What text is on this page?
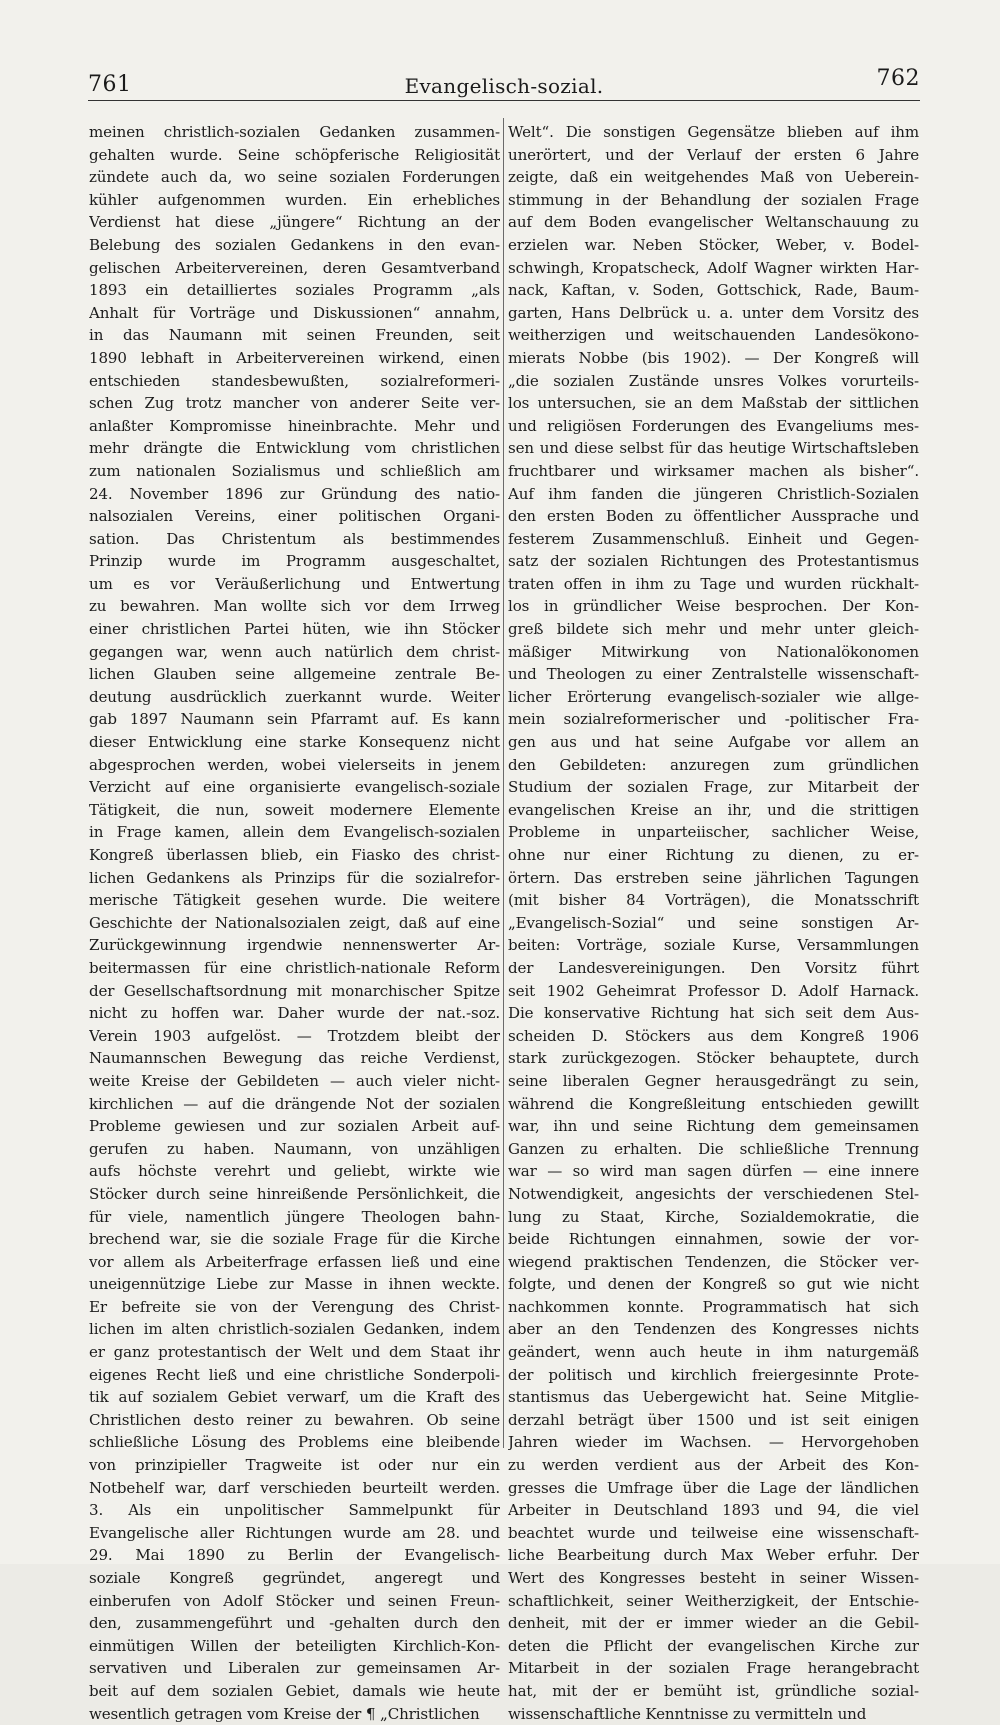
761	Evangelisch-sozial.	762
meinen christlich-sozialen Gedanken zusammen-
gehalten wurde. Seine schöpferische Religiosität
zündete auch da, wo seine sozialen Forderungen
kühler aufgenommen wurden. Ein erhebliches
Verdienst hat diese „jüngere“ Richtung an der
Belebung des sozialen Gedankens in den evan-
gelischen Arbeitervereinen, deren Gesamtverband
1893 ein detailliertes soziales Programm „als
Anhalt für Vorträge und Diskussionen“ annahm,
in das Naumann mit seinen Freunden, seit
1890 lebhaft in Arbeitervereinen wirkend, einen
entschieden standesbewußten, sozialreformeri-
schen Zug trotz mancher von anderer Seite ver-
anlaßter Kompromisse hineinbrachte. Mehr und
mehr drängte die Entwicklung vom christlichen
zum nationalen Sozialismus und schließlich am
24. November 1896 zur Gründung des natio-
nalsozialen Vereins, einer politischen Organi-
sation. Das Christentum als bestimmendes
Prinzip wurde im Programm ausgeschaltet,
um es vor Veräußerlichung und Entwertung
zu bewahren. Man wollte sich vor dem Irrweg
einer christlichen Partei hüten, wie ihn Stöcker
gegangen war, wenn auch natürlich dem christ-
lichen Glauben seine allgemeine zentrale Be-
deutung ausdrücklich zuerkannt wurde. Weiter
gab 1897 Naumann sein Pfarramt auf. Es kann
dieser Entwicklung eine starke Konsequenz nicht
abgesprochen werden, wobei vielerseits in jenem
Verzicht auf eine organisierte evangelisch-soziale
Tätigkeit, die nun, soweit modernere Elemente
in Frage kamen, allein dem Evangelisch-sozialen
Kongreß überlassen blieb, ein Fiasko des christ-
lichen Gedankens als Prinzips für die sozialrefor-
merische Tätigkeit gesehen wurde. Die weitere
Geschichte der Nationalsozialen zeigt, daß auf eine
Zurückgewinnung irgendwie nennenswerter Ar-
beitermassen für eine christlich-nationale Reform
der Gesellschaftsordnung mit monarchischer Spitze
nicht zu hoffen war. Daher wurde der nat.-soz.
Verein 1903 aufgelöst. — Trotzdem bleibt der
Naumannschen Bewegung das reiche Verdienst,
weite Kreise der Gebildeten — auch vieler nicht-
kirchlichen — auf die drängende Not der sozialen
Probleme gewiesen und zur sozialen Arbeit auf-
gerufen zu haben. Naumann, von unzähligen
aufs höchste verehrt und geliebt, wirkte wie
Stöcker durch seine hinreißende Persönlichkeit, die
für viele, namentlich jüngere Theologen bahn-
brechend war, sie die soziale Frage für die Kirche
vor allem als Arbeiterfrage erfassen ließ und eine
uneigennützige Liebe zur Masse in ihnen weckte.
Er befreite sie von der Verengung des Christ-
lichen im alten christlich-sozialen Gedanken, indem
er ganz protestantisch der Welt und dem Staat ihr
eigenes Recht ließ und eine christliche Sonderpoli-
tik auf sozialem Gebiet verwarf, um die Kraft des
Christlichen desto reiner zu bewahren. Ob seine
schließliche Lösung des Problems eine bleibende
von prinzipieller Tragweite ist oder nur ein
Notbehelf war, darf verschieden beurteilt werden.
3. Als ein unpolitischer Sammelpunkt für
Evangelische aller Richtungen wurde am 28. und
29. Mai 1890 zu Berlin der Evangelisch-
soziale Kongreß gegründet, angeregt und
einberufen von Adolf Stöcker und seinen Freun-
den, zusammengeführt und -gehalten durch den
einmütigen Willen der beteiligten Kirchlich-Kon-
servativen und Liberalen zur gemeinsamen Ar-
beit auf dem sozialen Gebiet, damals wie heute
wesentlich getragen vom Kreise der ¶ „Christlichen
Welt“. Die sonstigen Gegensätze blieben auf ihm
unerörtert, und der Verlauf der ersten 6 Jahre
zeigte, daß ein weitgehendes Maß von Ueberein-
stimmung in der Behandlung der sozialen Frage
auf dem Boden evangelischer Weltanschauung zu
erzielen war. Neben Stöcker, Weber, v. Bodel-
schwingh, Kropatscheck, Adolf Wagner wirkten Har-
nack, Kaftan, v. Soden, Gottschick, Rade, Baum-
garten, Hans Delbrück u. a. unter dem Vorsitz des
weitherzigen und weitschauenden Landesökono-
mierats Nobbe (bis 1902). — Der Kongreß will
„die sozialen Zustände unsres Volkes vorurteils-
los untersuchen, sie an dem Maßstab der sittlichen
und religiösen Forderungen des Evangeliums mes-
sen und diese selbst für das heutige Wirtschaftsleben
fruchtbarer und wirksamer machen als bisher“.
Auf ihm fanden die jüngeren Christlich-Sozialen
den ersten Boden zu öffentlicher Aussprache und
festerem Zusammenschluß. Einheit und Gegen-
satz der sozialen Richtungen des Protestantismus
traten offen in ihm zu Tage und wurden rückhalt-
los in gründlicher Weise besprochen. Der Kon-
greß bildete sich mehr und mehr unter gleich-
mäßiger Mitwirkung von Nationalökonomen
und Theologen zu einer Zentralstelle wissenschaft-
licher Erörterung evangelisch-sozialer wie allge-
mein sozialreformerischer und -politischer Fra-
gen aus und hat seine Aufgabe vor allem an
den Gebildeten: anzuregen zum gründlichen
Studium der sozialen Frage, zur Mitarbeit der
evangelischen Kreise an ihr, und die strittigen
Probleme in unparteiischer, sachlicher Weise,
ohne nur einer Richtung zu dienen, zu er-
örtern. Das erstreben seine jährlichen Tagungen
(mit bisher 84 Vorträgen), die Monatsschrift
„Evangelisch-Sozial“ und seine sonstigen Ar-
beiten: Vorträge, soziale Kurse, Versammlungen
der Landesvereinigungen. Den Vorsitz führt
seit 1902 Geheimrat Professor D. Adolf Harnack.
Die konservative Richtung hat sich seit dem Aus-
scheiden D. Stöckers aus dem Kongreß 1906
stark zurückgezogen. Stöcker behauptete, durch
seine liberalen Gegner herausgedrängt zu sein,
während die Kongreßleitung entschieden gewillt
war, ihn und seine Richtung dem gemeinsamen
Ganzen zu erhalten. Die schließliche Trennung
war — so wird man sagen dürfen — eine innere
Notwendigkeit, angesichts der verschiedenen Stel-
lung zu Staat, Kirche, Sozialdemokratie, die
beide Richtungen einnahmen, sowie der vor-
wiegend praktischen Tendenzen, die Stöcker ver-
folgte, und denen der Kongreß so gut wie nicht
nachkommen konnte. Programmatisch hat sich
aber an den Tendenzen des Kongresses nichts
geändert, wenn auch heute in ihm naturgemäß
der politisch und kirchlich freiergesinnte Prote-
stantismus das Uebergewicht hat. Seine Mitglie-
derzahl beträgt über 1500 und ist seit einigen
Jahren wieder im Wachsen. — Hervorgehoben
zu werden verdient aus der Arbeit des Kon-
gresses die Umfrage über die Lage der ländlichen
Arbeiter in Deutschland 1893 und 94, die viel
beachtet wurde und teilweise eine wissenschaft-
liche Bearbeitung durch Max Weber erfuhr. Der
Wert des Kongresses besteht in seiner Wissen-
schaftlichkeit, seiner Weitherzigkeit, der Entschie-
denheit, mit der er immer wieder an die Gebil-
deten die Pflicht der evangelischen Kirche zur
Mitarbeit in der sozialen Frage herangebracht
hat, mit der er bemüht ist, gründliche sozial-
wissenschaftliche Kenntnisse zu vermitteln und
